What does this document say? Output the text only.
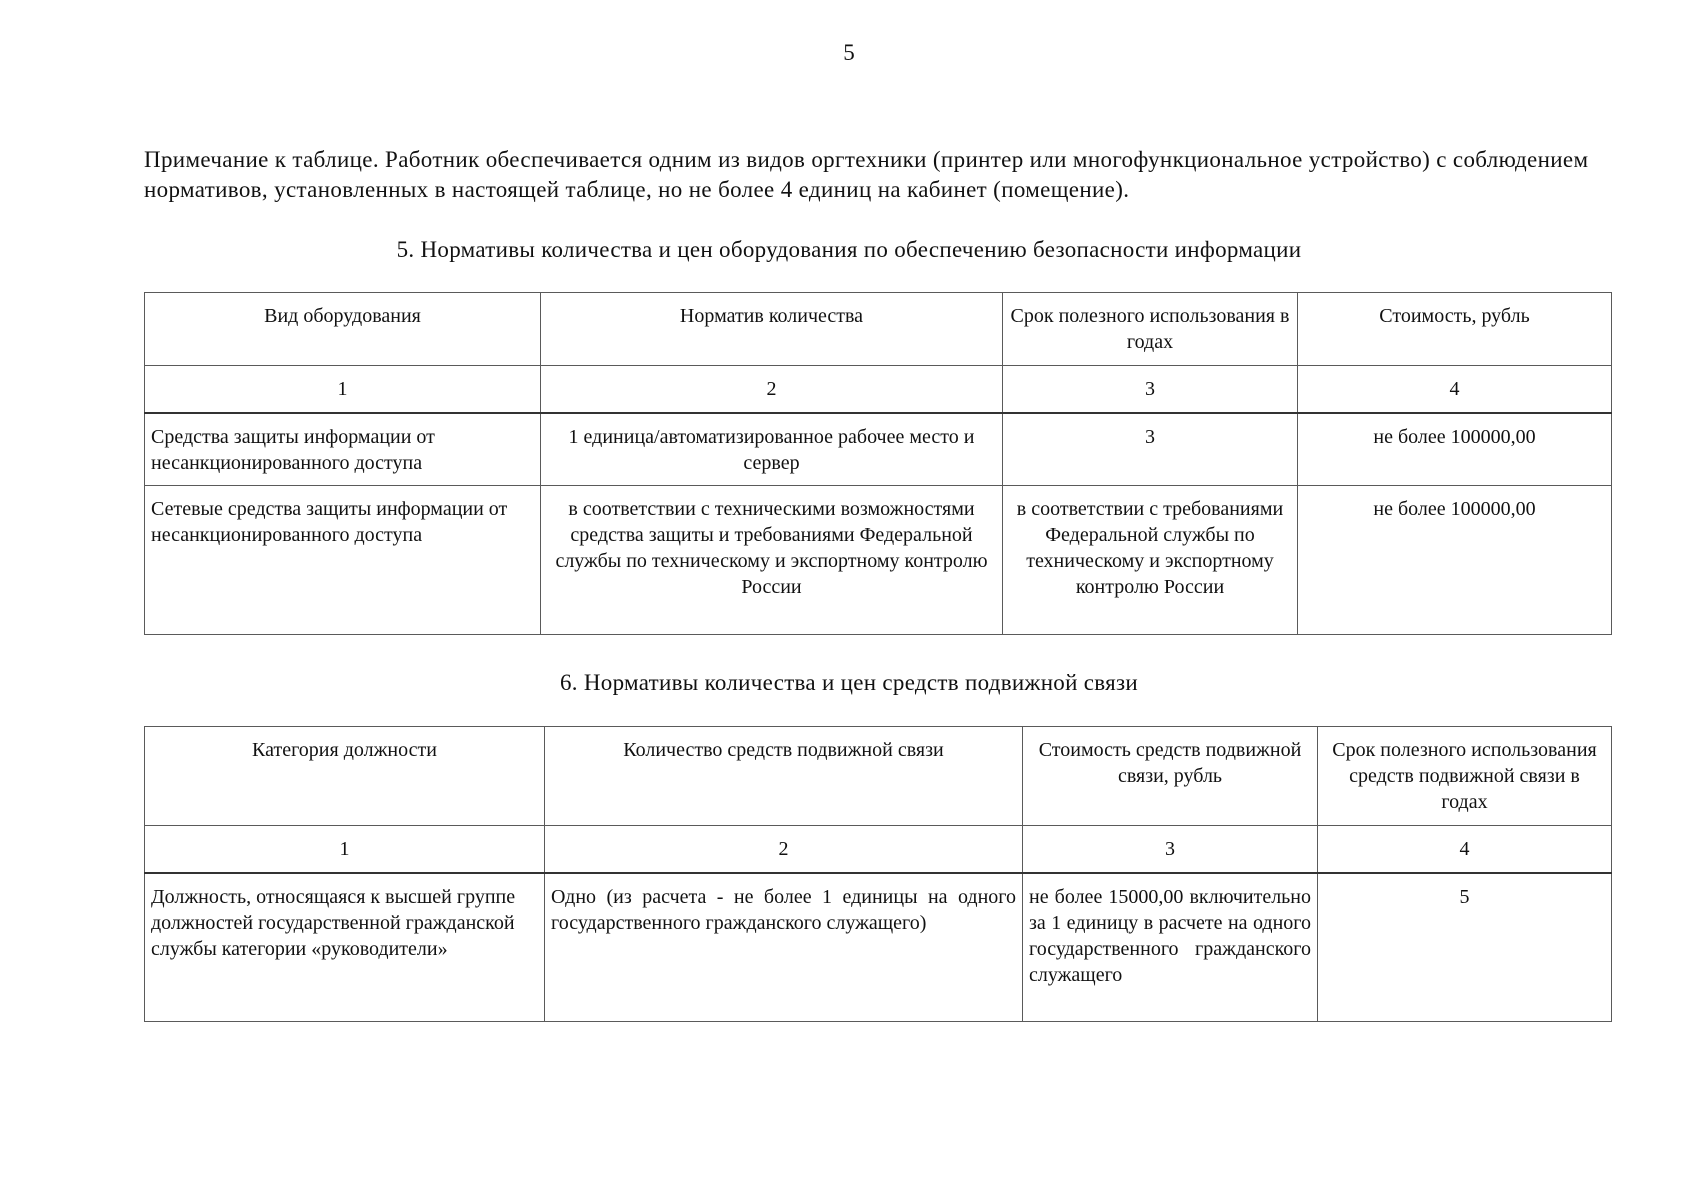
5
Примечание к таблице. Работник обеспечивается одним из видов оргтехники (принтер или многофункциональное устройство) с соблюдением нормативов, установленных в настоящей таблице, но не более 4 единиц на кабинет (помещение).
5. Нормативы количества и цен оборудования по обеспечению безопасности информации
Вид оборудования	Норматив количества	Срок полезного использования в годах	Стоимость, рубль
1	2	3	4
Средства защиты информации от несанкционированного доступа	1 единица/автоматизированное рабочее место и сервер	3	не более 100000,00
Сетевые средства защиты информации от несанкционированного доступа	в соответствии с техническими возможностями средства защиты и требованиями Федеральной службы по техническому и экспортному контролю России	в соответствии с требованиями Федеральной службы по техническому и экспортному контролю России	не более 100000,00
6. Нормативы количества и цен средств подвижной связи
Категория должности	Количество средств подвижной связи	Стоимость средств подвижной связи, рубль	Срок полезного использования средств подвижной связи в годах
1	2	3	4
Должность, относящаяся к высшей группе должностей государственной гражданской службы категории «руководители»	Одно (из расчета - не более 1 единицы на одного государственного гражданского служащего)	не более 15000,00 включительно за 1 единицу в расчете на одного государственного гражданского служащего	5
